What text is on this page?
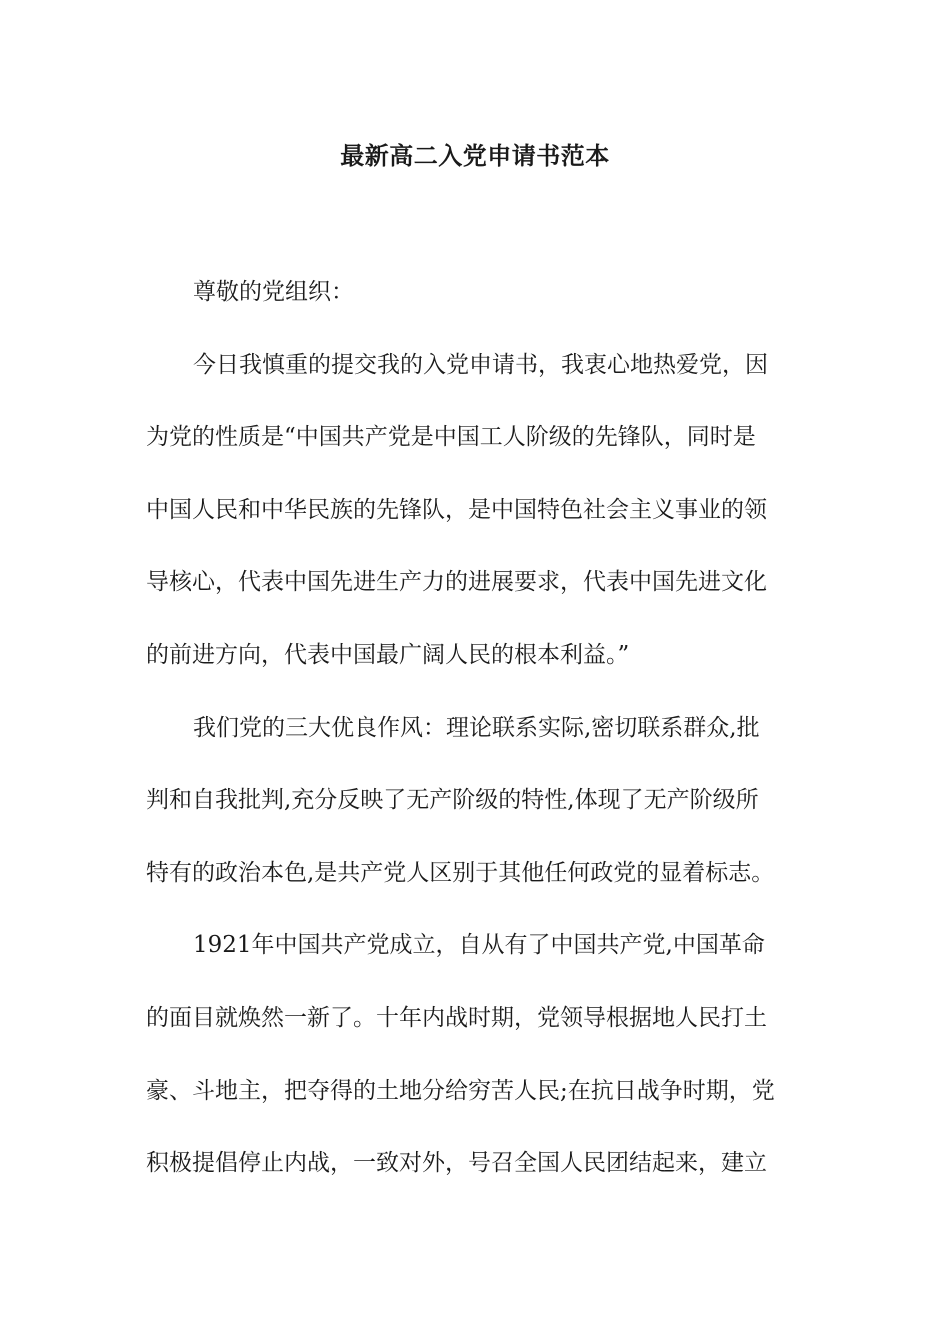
最新高二入党申请书范本
尊敬的党组织：
今日我慎重的提交我的入党申请书，我衷心地热爱党，因
为党的性质是“中国共产党是中国工人阶级的先锋队，同时是
中国人民和中华民族的先锋队，是中国特色社会主义事业的领
导核心，代表中国先进生产力的进展要求，代表中国先进文化
的前进方向，代表中国最广阔人民的根本利益。”
我们党的三大优良作风：理论联系实际,密切联系群众,批
判和自我批判,充分反映了无产阶级的特性,体现了无产阶级所
特有的政治本色,是共产党人区别于其他任何政党的显着标志。
1921年中国共产党成立，自从有了中国共产党,中国革命
的面目就焕然一新了。十年内战时期，党领导根据地人民打土
豪、斗地主，把夺得的土地分给穷苦人民;在抗日战争时期，党
积极提倡停止内战，一致对外，号召全国人民团结起来，建立
